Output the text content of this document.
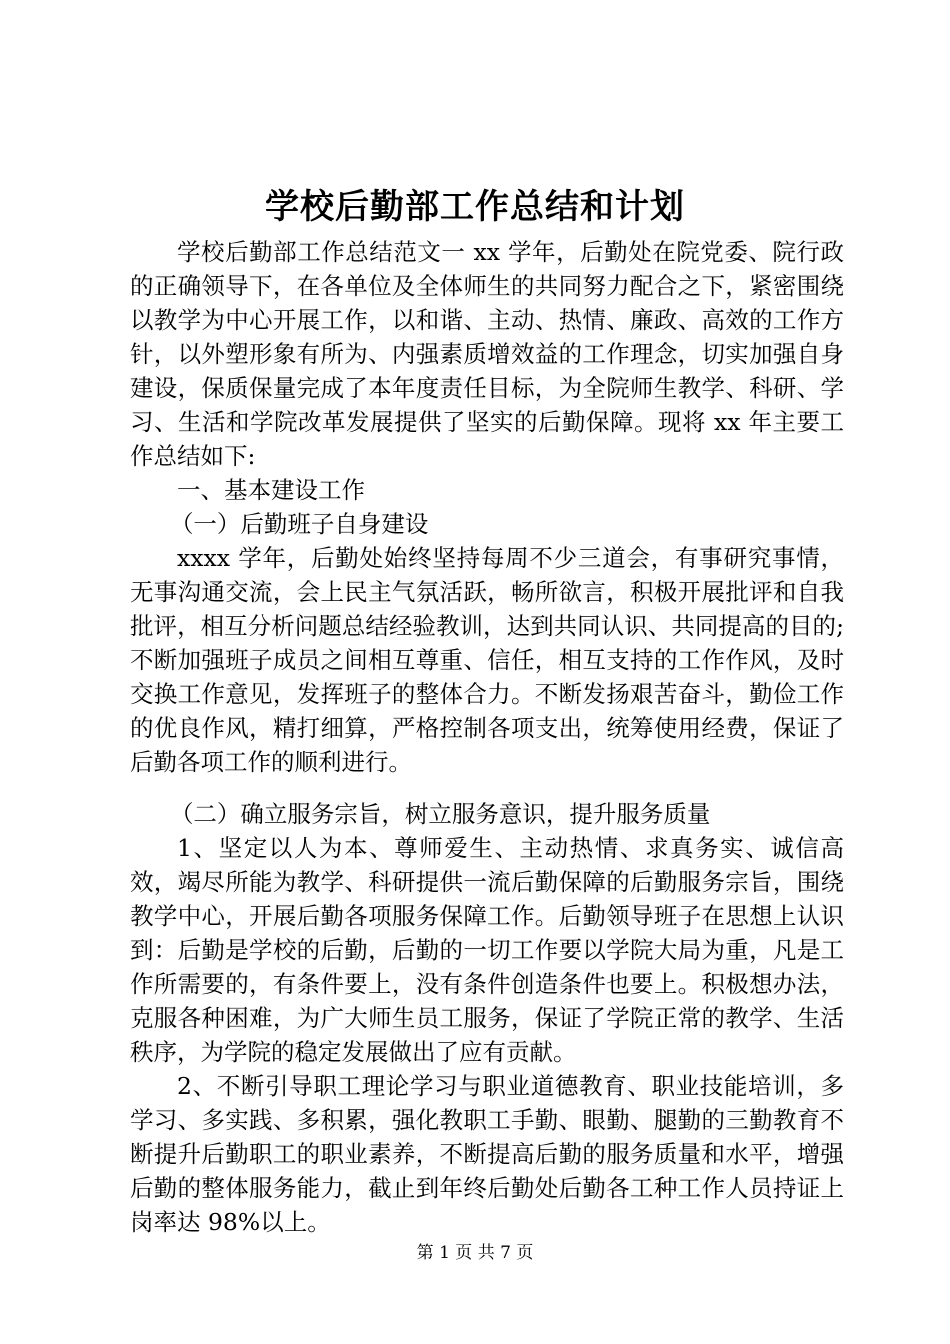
学校后勤部工作总结和计划

学校后勤部工作总结范文一 xx 学年，后勤处在院党委、院行政的正确领导下，在各单位及全体师生的共同努力配合之下，紧密围绕以教学为中心开展工作，以和谐、主动、热情、廉政、高效的工作方针，以外塑形象有所为、内强素质增效益的工作理念，切实加强自身建设，保质保量完成了本年度责任目标，为全院师生教学、科研、学习、生活和学院改革发展提供了坚实的后勤保障。现将 xx 年主要工作总结如下:

一、基本建设工作

（一）后勤班子自身建设

xxxx 学年，后勤处始终坚持每周不少三道会，有事研究事情，无事沟通交流，会上民主气氛活跃，畅所欲言，积极开展批评和自我批评，相互分析问题总结经验教训，达到共同认识、共同提高的目的;不断加强班子成员之间相互尊重、信任，相互支持的工作作风，及时交换工作意见，发挥班子的整体合力。不断发扬艰苦奋斗，勤俭工作的优良作风，精打细算，严格控制各项支出，统筹使用经费，保证了后勤各项工作的顺利进行。

（二）确立服务宗旨，树立服务意识，提升服务质量

1、坚定以人为本、尊师爱生、主动热情、求真务实、诚信高效，竭尽所能为教学、科研提供一流后勤保障的后勤服务宗旨，围绕教学中心，开展后勤各项服务保障工作。后勤领导班子在思想上认识到：后勤是学校的后勤，后勤的一切工作要以学院大局为重，凡是工作所需要的，有条件要上，没有条件创造条件也要上。积极想办法，克服各种困难，为广大师生员工服务，保证了学院正常的教学、生活秩序，为学院的稳定发展做出了应有贡献。

2、不断引导职工理论学习与职业道德教育、职业技能培训，多学习、多实践、多积累，强化教职工手勤、眼勤、腿勤的三勤教育不断提升后勤职工的职业素养，不断提高后勤的服务质量和水平，增强后勤的整体服务能力，截止到年终后勤处后勤各工种工作人员持证上岗率达 98%以上。

第 1 页 共 7 页
